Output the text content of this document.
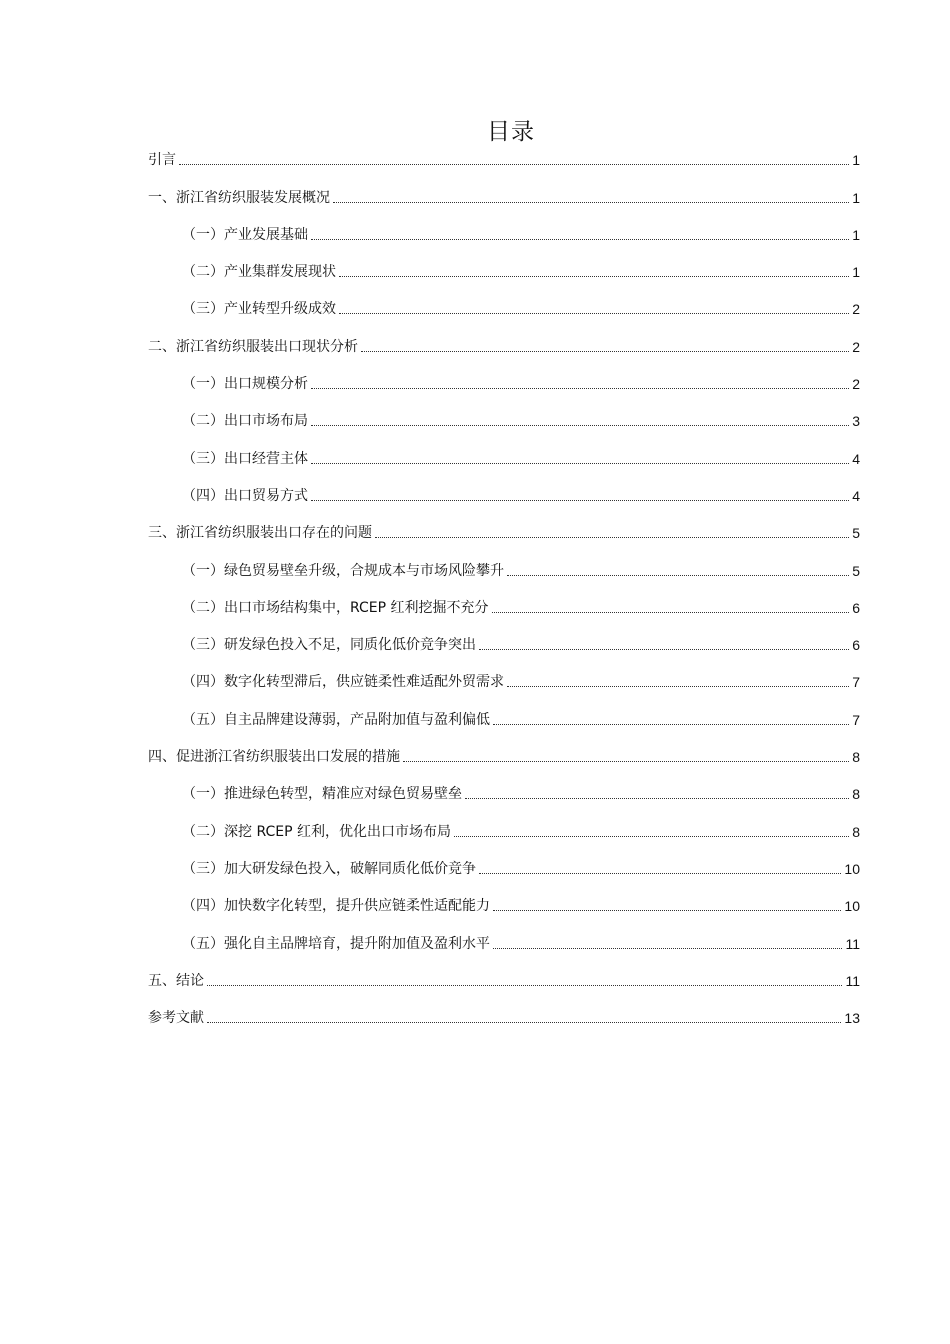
目录
引言	1
一、浙江省纺织服装发展概况	1
（一）产业发展基础	1
（二）产业集群发展现状	1
（三）产业转型升级成效	2
二、浙江省纺织服装出口现状分析	2
（一）出口规模分析	2
（二）出口市场布局	3
（三）出口经营主体	4
（四）出口贸易方式	4
三、浙江省纺织服装出口存在的问题	5
（一）绿色贸易壁垒升级，合规成本与市场风险攀升	5
（二）出口市场结构集中，RCEP 红利挖掘不充分	6
（三）研发绿色投入不足，同质化低价竞争突出	6
（四）数字化转型滞后，供应链柔性难适配外贸需求	7
（五）自主品牌建设薄弱，产品附加值与盈利偏低	7
四、促进浙江省纺织服装出口发展的措施	8
（一）推进绿色转型，精准应对绿色贸易壁垒	8
（二）深挖 RCEP 红利，优化出口市场布局	8
（三）加大研发绿色投入，破解同质化低价竞争	10
（四）加快数字化转型，提升供应链柔性适配能力	10
（五）强化自主品牌培育，提升附加值及盈利水平	11
五、结论	11
参考文献	13
